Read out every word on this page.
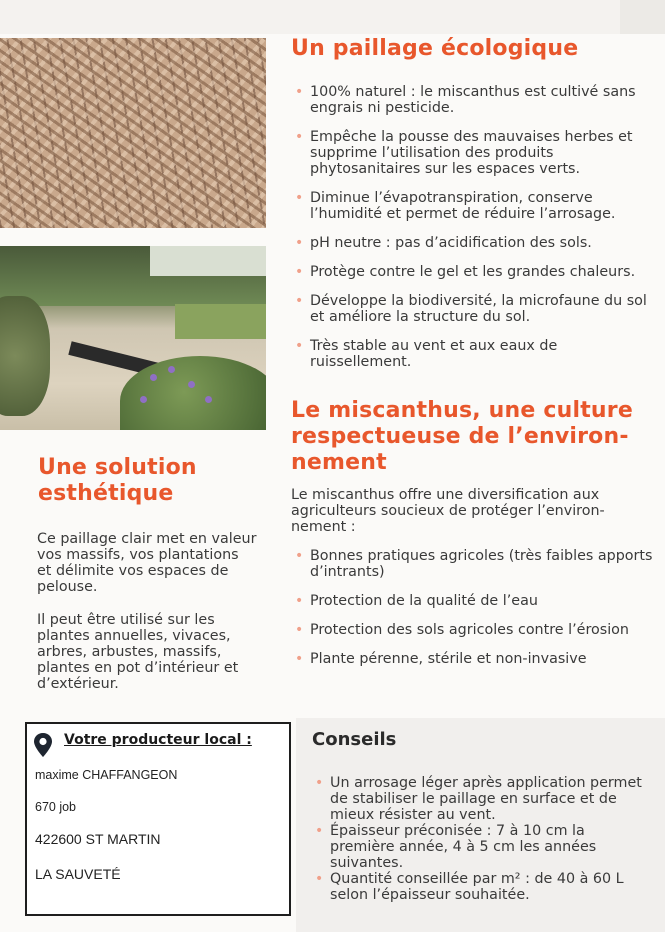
Un paillage écologique
• 100% naturel : le miscanthus est cultivé sans engrais ni pesticide.
• Empêche la pousse des mauvaises herbes et supprime l’utilisation des produits phytosanitaires sur les espaces verts.
• Diminue l’évapotranspiration, conserve l’humidité et permet de réduire l’arrosage.
• pH neutre : pas d’acidification des sols.
• Protège contre le gel et les grandes chaleurs.
• Développe la biodiversité, la microfaune du sol et améliore la structure du sol.
• Très stable au vent et aux eaux de ruissellement.
Le miscanthus, une culture respectueuse de l’environ-nement

Le miscanthus offre une diversification aux agriculteurs soucieux de protéger l’environ-nement :

• Bonnes pratiques agricoles (très faibles apports d’intrants)
• Protection de la qualité de l’eau
• Protection des sols agricoles contre l’érosion
• Plante pérenne, stérile et non-invasive
Une solution esthétique

Ce paillage clair met en valeur vos massifs, vos plantations et délimite vos espaces de pelouse.

Il peut être utilisé sur les plantes annuelles, vivaces, arbres, arbustes, massifs, plantes en pot d’intérieur et d’extérieur.

Votre producteur local :
maxime CHAFFANGEON
670 job
422600 ST MARTIN
LA SAUVETÉ
Conseils
• Un arrosage léger après application permet de stabiliser le paillage en surface et de mieux résister au vent.
• Épaisseur préconisée : 7 à 10 cm la première année, 4 à 5 cm les années suivantes.
• Quantité conseillée par m² : de 40 à 60 L selon l’épaisseur souhaitée.
